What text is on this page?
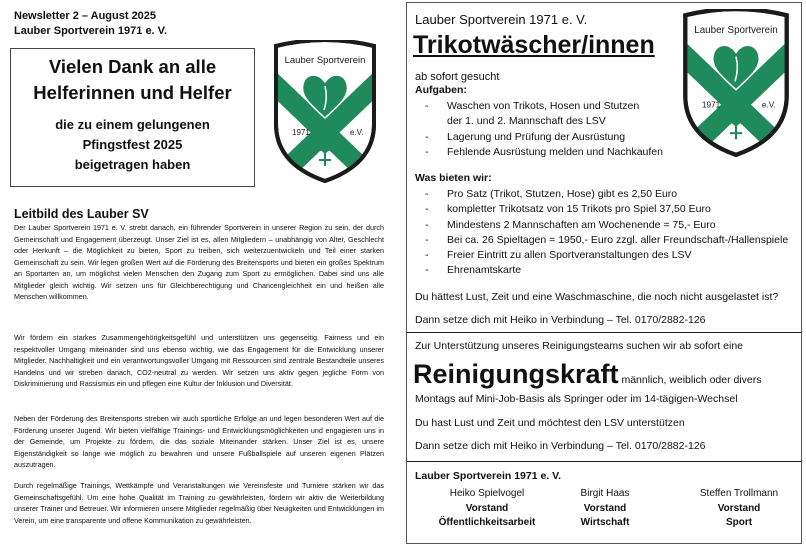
Newsletter 2 – August 2025
Lauber Sportverein 1971 e. V.
Vielen Dank an alle
Helferinnen und Helfer
die zu einem gelungenen
Pfingstfest 2025
beigetragen haben
Lauber Sportverein
1971	e.V.
Leitbild des Lauber SV

Der Lauber Sportverein 1971 e. V. strebt danach, ein führender Sportverein in unserer Region zu sein, der durch Gemeinschaft und Engagement überzeugt. Unser Ziel ist es, allen Mitgliedern – unabhängig von Alter, Geschlecht oder Herkunft – die Möglichkeit zu bieten, Sport zu treiben, sich weiterzuentwickeln und Teil einer starken Gemeinschaft zu sein. Wir legen großen Wert auf die Förderung des Breitensports und bieten ein großes Spektrum an Sportarten an, um möglichst vielen Menschen den Zugang zum Sport zu ermöglichen. Dabei sind uns alle Mitglieder gleich wichtig. Wir setzen uns für Gleichberechtigung und Chancengleichheit ein und heißen alle Menschen willkommen.

Wir fördern ein starkes Zusammengehörigkeitsgefühl und unterstützen uns gegenseitig. Fairness und ein respektvoller Umgang miteinander sind uns ebenso wichtig, wie das Engagement für die Entwicklung unserer Mitglieder. Nachhaltigkeit und ein verantwortungsvoller Umgang mit Ressourcen sind zentrale Bestandteile unseres Handelns und wir streben danach, CO2-neutral zu werden. Wir setzen uns aktiv gegen jegliche Form von Diskriminierung und Rassismus ein und pflegen eine Kultur der Inklusion und Diversität.

Neben der Förderung des Breitensports streben wir auch sportliche Erfolge an und legen besonderen Wert auf die Förderung unserer Jugend. Wir bieten vielfältige Trainings- und Entwicklungsmöglichkeiten und engagieren uns in der Gemeinde, um Projekte zu fördern, die das soziale Miteinander stärken. Unser Ziel ist es, unsere Eigenständigkeit so lange wie möglich zu bewahren und unsere Fußballspiele auf unseren eigenen Plätzen auszutragen.

Durch regelmäßige Trainings, Wettkämpfe und Veranstaltungen wie Vereinsfeste und Turniere stärken wir das Gemeinschaftsgefühl. Um eine hohe Qualität im Training zu gewährleisten, fördern wir aktiv die Weiterbildung unserer Trainer und Betreuer. Wir informieren unsere Mitglieder regelmäßig über Neuigkeiten und Entwicklungen im Verein, um eine transparente und offene Kommunikation zu gewährleisten.

Lauber Sportverein 1971 e. V.
Trikotwäscher/innen
ab sofort gesucht
Aufgaben:
- Waschen von Trikots, Hosen und Stutzen
der 1. und 2. Mannschaft des LSV
- Lagerung und Prüfung der Ausrüstung
- Fehlende Ausrüstung melden und Nachkaufen
Lauber Sportverein
1971	e.V.
Was bieten wir:
- Pro Satz (Trikot, Stutzen, Hose) gibt es 2,50 Euro
- kompletter Trikotsatz von 15 Trikots pro Spiel 37,50 Euro
- Mindestens 2 Mannschaften am Wochenende = 75,- Euro
- Bei ca. 26 Spieltagen = 1950,- Euro zzgl. aller Freundschaft-/Hallenspiele
- Freier Eintritt zu allen Sportveranstaltungen des LSV
- Ehrenamtskarte
Du hättest Lust, Zeit und eine Waschmaschine, die noch nicht ausgelastet ist?
Dann setze dich mit Heiko in Verbindung – Tel. 0170/2882-126
Zur Unterstützung unseres Reinigungsteams suchen wir ab sofort eine
Reinigungskraft männlich, weiblich oder divers
Montags auf Mini-Job-Basis als Springer oder im 14-tägigen-Wechsel
Du hast Lust und Zeit und möchtest den LSV unterstützen
Dann setze dich mit Heiko in Verbindung – Tel. 0170/2882-126
Lauber Sportverein 1971 e. V.
Heiko Spielvogel
Vorstand
Öffentlichkeitsarbeit
Birgit Haas
Vorstand
Wirtschaft
Steffen Trollmann
Vorstand
Sport
